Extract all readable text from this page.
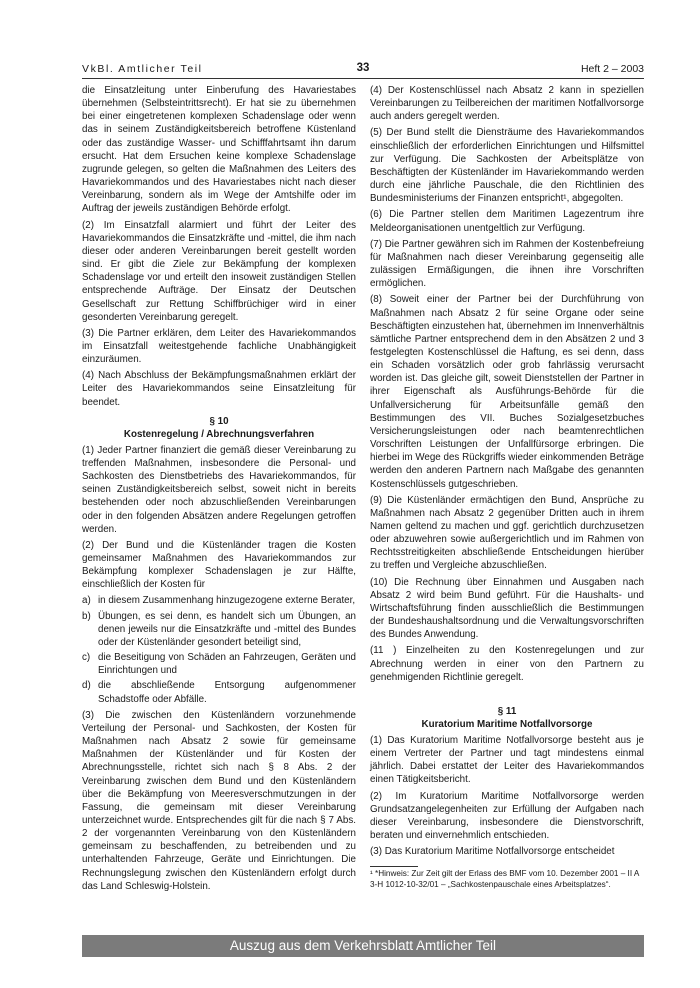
VkBl. Amtlicher Teil	33	Heft 2 – 2003

die Einsatzleitung unter Einberufung des Havariestabes übernehmen (Selbsteintrittsrecht). Er hat sie zu übernehmen bei einer eingetretenen komplexen Schadenslage oder wenn das in seinem Zuständigkeitsbereich betroffene Küstenland oder das zuständige Wasser- und Schifffahrtsamt ihn darum ersucht. Hat dem Ersuchen keine komplexe Schadenslage zugrunde gelegen, so gelten die Maßnahmen des Leiters des Havariekommandos und des Havariestabes nicht nach dieser Vereinbarung, sondern als im Wege der Amtshilfe oder im Auftrag der jeweils zuständigen Behörde erfolgt.

(2) Im Einsatzfall alarmiert und führt der Leiter des Havariekommandos die Einsatzkräfte und -mittel, die ihm nach dieser oder anderen Vereinbarungen bereit gestellt worden sind. Er gibt die Ziele zur Bekämpfung der komplexen Schadenslage vor und erteilt den insoweit zuständigen Stellen entsprechende Aufträge. Der Einsatz der Deutschen Gesellschaft zur Rettung Schiffbrüchiger wird in einer gesonderten Vereinbarung geregelt.

(3) Die Partner erklären, dem Leiter des Havariekommandos im Einsatzfall weitestgehende fachliche Unabhängigkeit einzuräumen.

(4) Nach Abschluss der Bekämpfungsmaßnahmen erklärt der Leiter des Havariekommandos seine Einsatzleitung für beendet.

§ 10
Kostenregelung / Abrechnungsverfahren

(1) Jeder Partner finanziert die gemäß dieser Vereinbarung zu treffenden Maßnahmen, insbesondere die Personal- und Sachkosten des Dienstbetriebs des Havariekommandos, für seinen Zuständigkeitsbereich selbst, soweit nicht in bereits bestehenden oder noch abzuschließenden Vereinbarungen oder in den folgenden Absätzen andere Regelungen getroffen werden.

(2) Der Bund und die Küstenländer tragen die Kosten gemeinsamer Maßnahmen des Havariekommandos zur Bekämpfung komplexer Schadenslagen je zur Hälfte, einschließlich der Kosten für

a) in diesem Zusammenhang hinzugezogene externe Berater,
b) Übungen, es sei denn, es handelt sich um Übungen, an denen jeweils nur die Einsatzkräfte und -mittel des Bundes oder der Küstenländer gesondert beteiligt sind,
c) die Beseitigung von Schäden an Fahrzeugen, Geräten und Einrichtungen und
d) die abschließende Entsorgung aufgenommener Schadstoffe oder Abfälle.

(3) Die zwischen den Küstenländern vorzunehmende Verteilung der Personal- und Sachkosten, der Kosten für Maßnahmen nach Absatz 2 sowie für gemeinsame Maßnahmen der Küstenländer und für Kosten der Abrechnungsstelle, richtet sich nach § 8 Abs. 2 der Vereinbarung zwischen dem Bund und den Küstenländern über die Bekämpfung von Meeresverschmutzungen in der Fassung, die gemeinsam mit dieser Vereinbarung unterzeichnet wurde. Entsprechendes gilt für die nach § 7 Abs. 2 der vorgenannten Vereinbarung von den Küstenländern gemeinsam zu beschaffenden, zu betreibenden und zu unterhaltenden Fahrzeuge, Geräte und Einrichtungen. Die Rechnungslegung zwischen den Küstenländern erfolgt durch das Land Schleswig-Holstein.

(4) Der Kostenschlüssel nach Absatz 2 kann in speziellen Vereinbarungen zu Teilbereichen der maritimen Notfallvorsorge auch anders geregelt werden.

(5) Der Bund stellt die Diensträume des Havariekommandos einschließlich der erforderlichen Einrichtungen und Hilfsmittel zur Verfügung. Die Sachkosten der Arbeitsplätze von Beschäftigten der Küstenländer im Havariekommando werden durch eine jährliche Pauschale, die den Richtlinien des Bundesministeriums der Finanzen entspricht¹, abgegolten.

(6) Die Partner stellen dem Maritimen Lagezentrum ihre Meldeorganisationen unentgeltlich zur Verfügung.

(7) Die Partner gewähren sich im Rahmen der Kostenbefreiung für Maßnahmen nach dieser Vereinbarung gegenseitig alle zulässigen Ermäßigungen, die ihnen ihre Vorschriften ermöglichen.

(8) Soweit einer der Partner bei der Durchführung von Maßnahmen nach Absatz 2 für seine Organe oder seine Beschäftigten einzustehen hat, übernehmen im Innenverhältnis sämtliche Partner entsprechend dem in den Absätzen 2 und 3 festgelegten Kostenschlüssel die Haftung, es sei denn, dass ein Schaden vorsätzlich oder grob fahrlässig verursacht worden ist. Das gleiche gilt, soweit Dienststellen der Partner in ihrer Eigenschaft als Ausführungs-Behörde für die Unfallversicherung für Arbeitsunfälle gemäß den Bestimmungen des VII. Buches Sozialgesetzbuches Versicherungsleistungen oder nach beamtenrechtlichen Vorschriften Leistungen der Unfallfürsorge erbringen. Die hierbei im Wege des Rückgriffs wieder einkommenden Beträge werden den anderen Partnern nach Maßgabe des genannten Kostenschlüssels gutgeschrieben.

(9) Die Küstenländer ermächtigen den Bund, Ansprüche zu Maßnahmen nach Absatz 2 gegenüber Dritten auch in ihrem Namen geltend zu machen und ggf. gerichtlich durchzusetzen oder abzuwehren sowie außergerichtlich und im Rahmen von Rechtsstreitigkeiten abschließende Entscheidungen hierüber zu treffen und Vergleiche abzuschließen.

(10) Die Rechnung über Einnahmen und Ausgaben nach Absatz 2 wird beim Bund geführt. Für die Haushalts- und Wirtschaftsführung finden ausschließlich die Bestimmungen der Bundeshaushaltsordnung und die Verwaltungsvorschriften des Bundes Anwendung.

(11 ) Einzelheiten zu den Kostenregelungen und zur Abrechnung werden in einer von den Partnern zu genehmigenden Richtlinie geregelt.

§ 11
Kuratorium Maritime Notfallvorsorge

(1) Das Kuratorium Maritime Notfallvorsorge besteht aus je einem Vertreter der Partner und tagt mindestens einmal jährlich. Dabei erstattet der Leiter des Havariekommandos einen Tätigkeitsbericht.

(2) Im Kuratorium Maritime Notfallvorsorge werden Grundsatzangelegenheiten zur Erfüllung der Aufgaben nach dieser Vereinbarung, insbesondere die Dienstvorschrift, beraten und einvernehmlich entschieden.

(3) Das Kuratorium Maritime Notfallvorsorge entscheidet

¹ *Hinweis: Zur Zeit gilt der Erlass des BMF vom 10. Dezember 2001 – II A 3-H 1012-10-32/01 – „Sachkostenpauschale eines Arbeitsplatzes“.

Auszug aus dem Verkehrsblatt Amtlicher Teil
